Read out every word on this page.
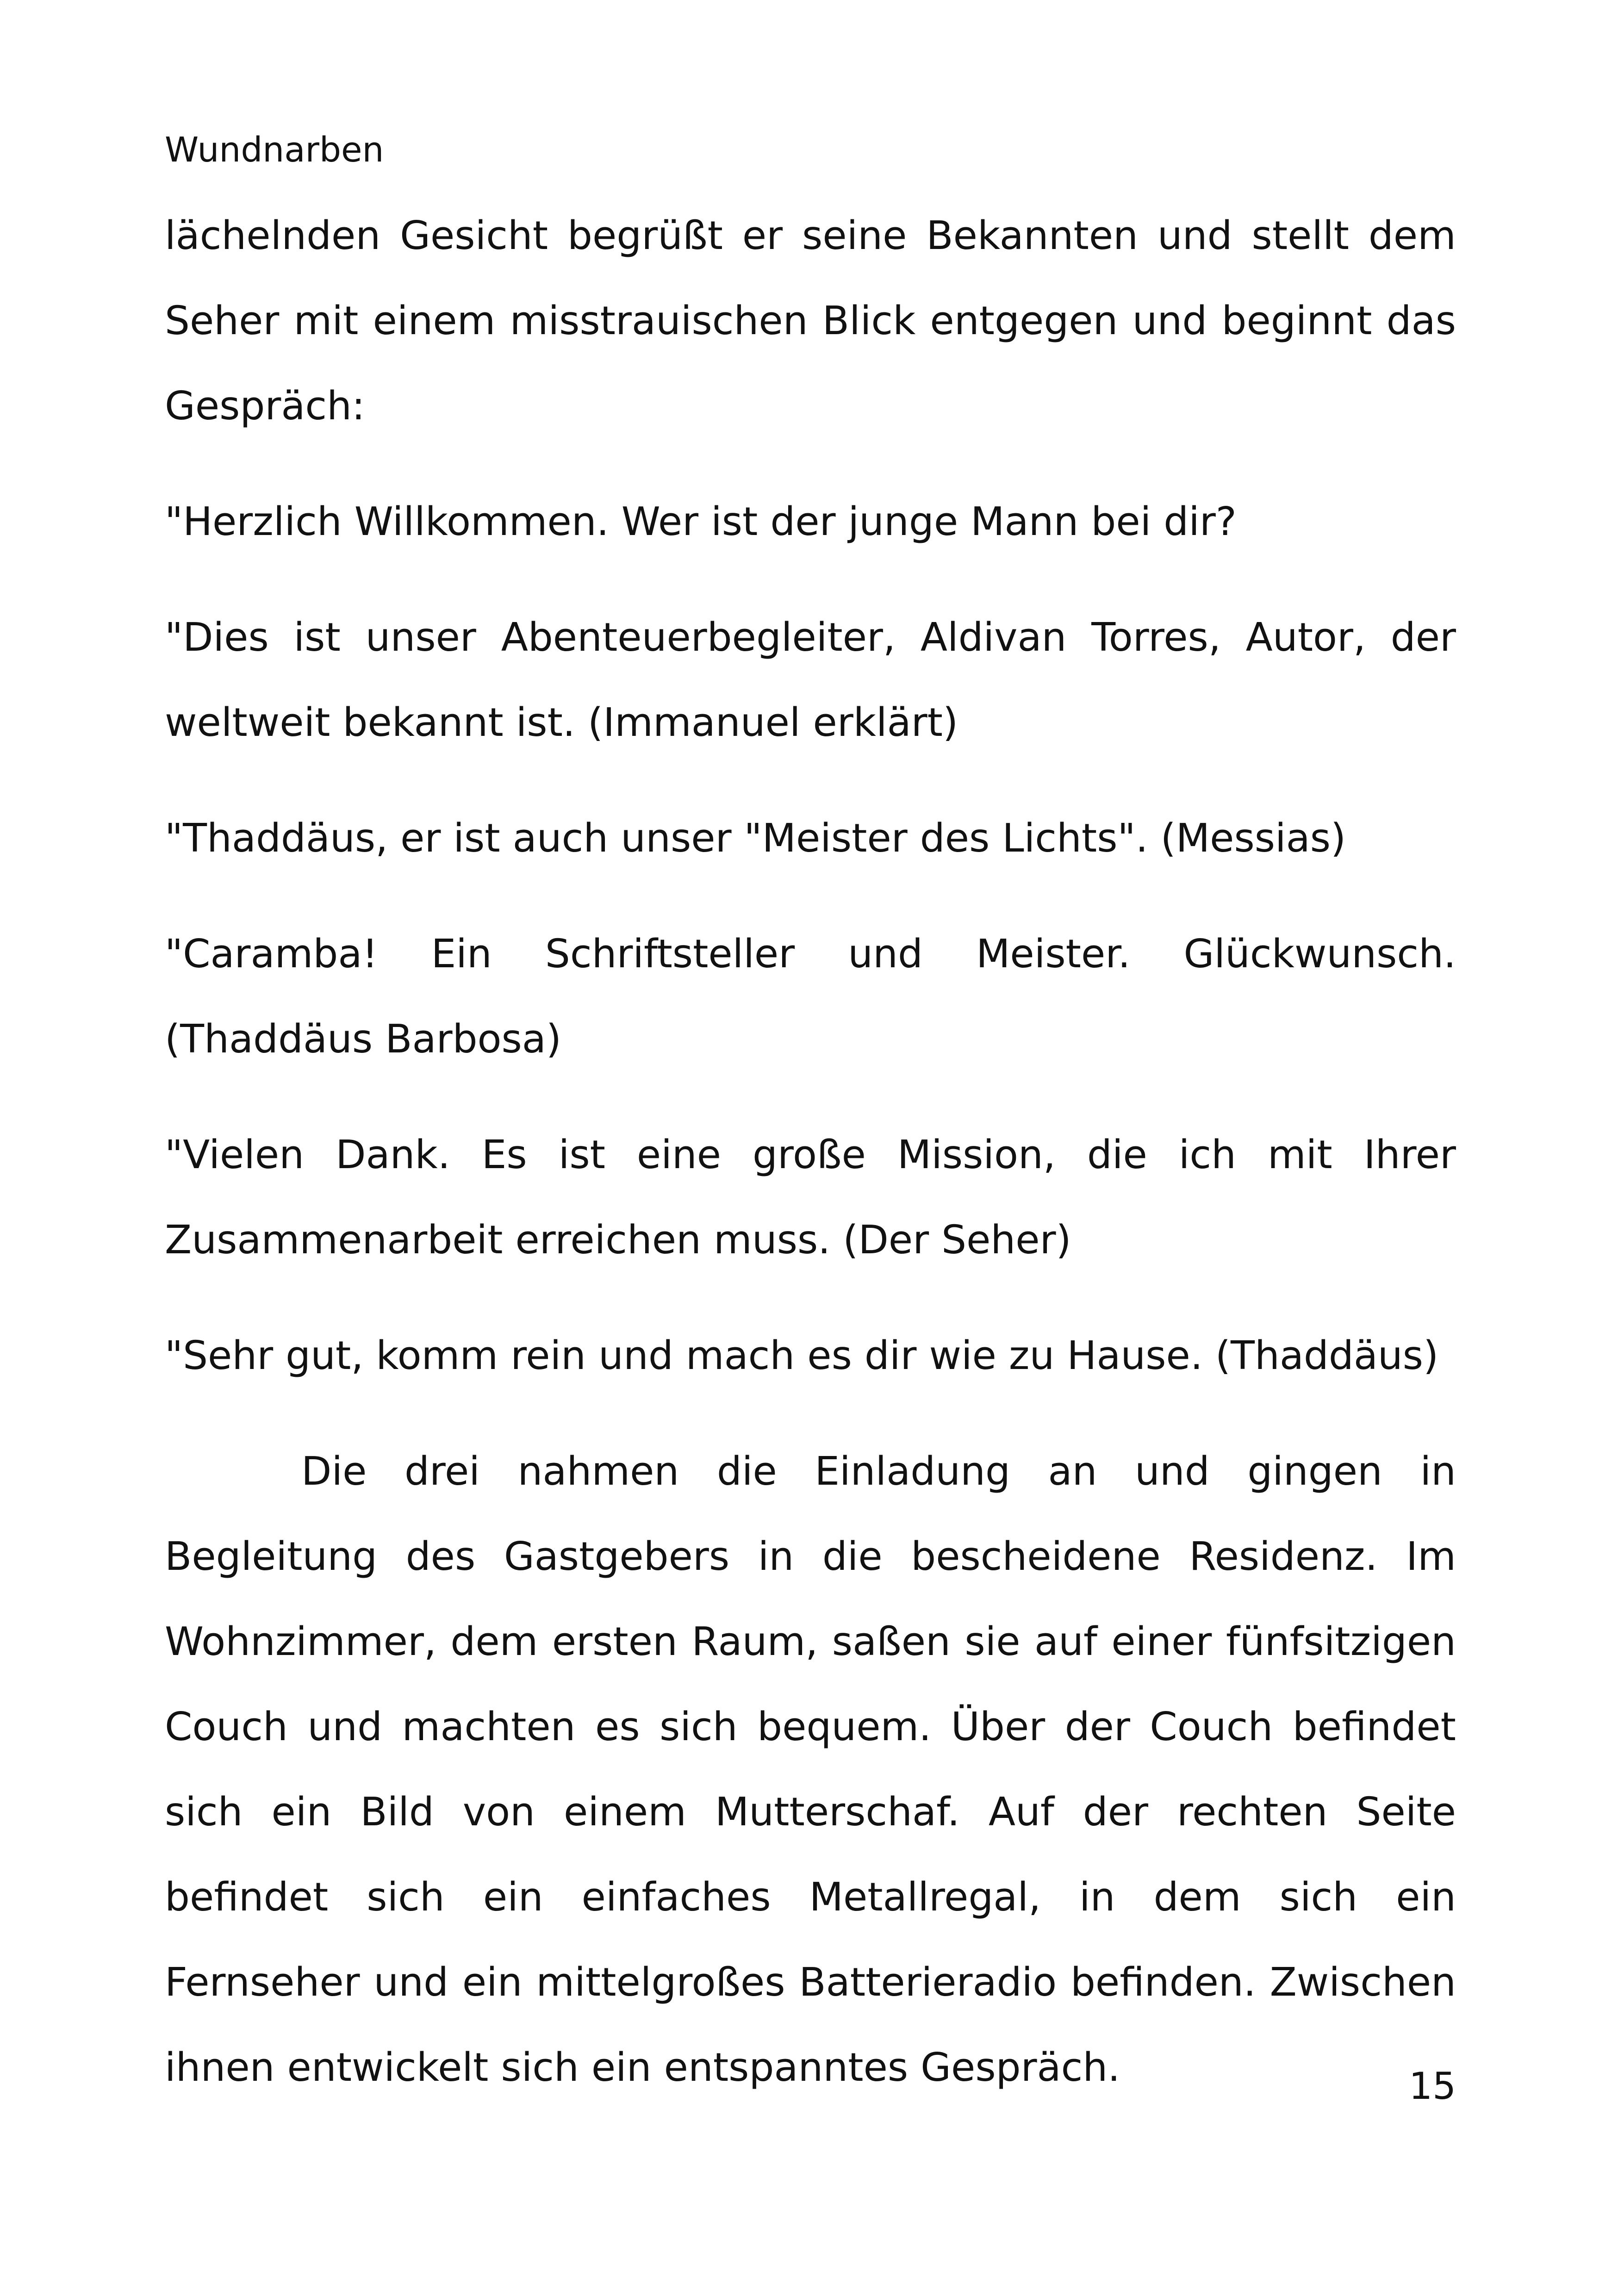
Wundnarben

lächelnden Gesicht begrüßt er seine Bekannten und stellt dem Seher mit einem misstrauischen Blick entgegen und beginnt das Gespräch:

"Herzlich Willkommen. Wer ist der junge Mann bei dir?

"Dies ist unser Abenteuerbegleiter, Aldivan Torres, Autor, der weltweit bekannt ist. (Immanuel erklärt)

"Thaddäus, er ist auch unser "Meister des Lichts". (Messias)

"Caramba! Ein Schriftsteller und Meister. Glückwunsch. (Thaddäus Barbosa)

"Vielen Dank. Es ist eine große Mission, die ich mit Ihrer Zusammenarbeit erreichen muss. (Der Seher)

"Sehr gut, komm rein und mach es dir wie zu Hause. (Thaddäus)

Die drei nahmen die Einladung an und gingen in Begleitung des Gastgebers in die bescheidene Residenz. Im Wohnzimmer, dem ersten Raum, saßen sie auf einer fünfsitzigen Couch und machten es sich bequem. Über der Couch befindet sich ein Bild von einem Mutterschaf. Auf der rechten Seite befindet sich ein einfaches Metallregal, in dem sich ein Fernseher und ein mittelgroßes Batterieradio befinden. Zwischen ihnen entwickelt sich ein entspanntes Gespräch.	15
